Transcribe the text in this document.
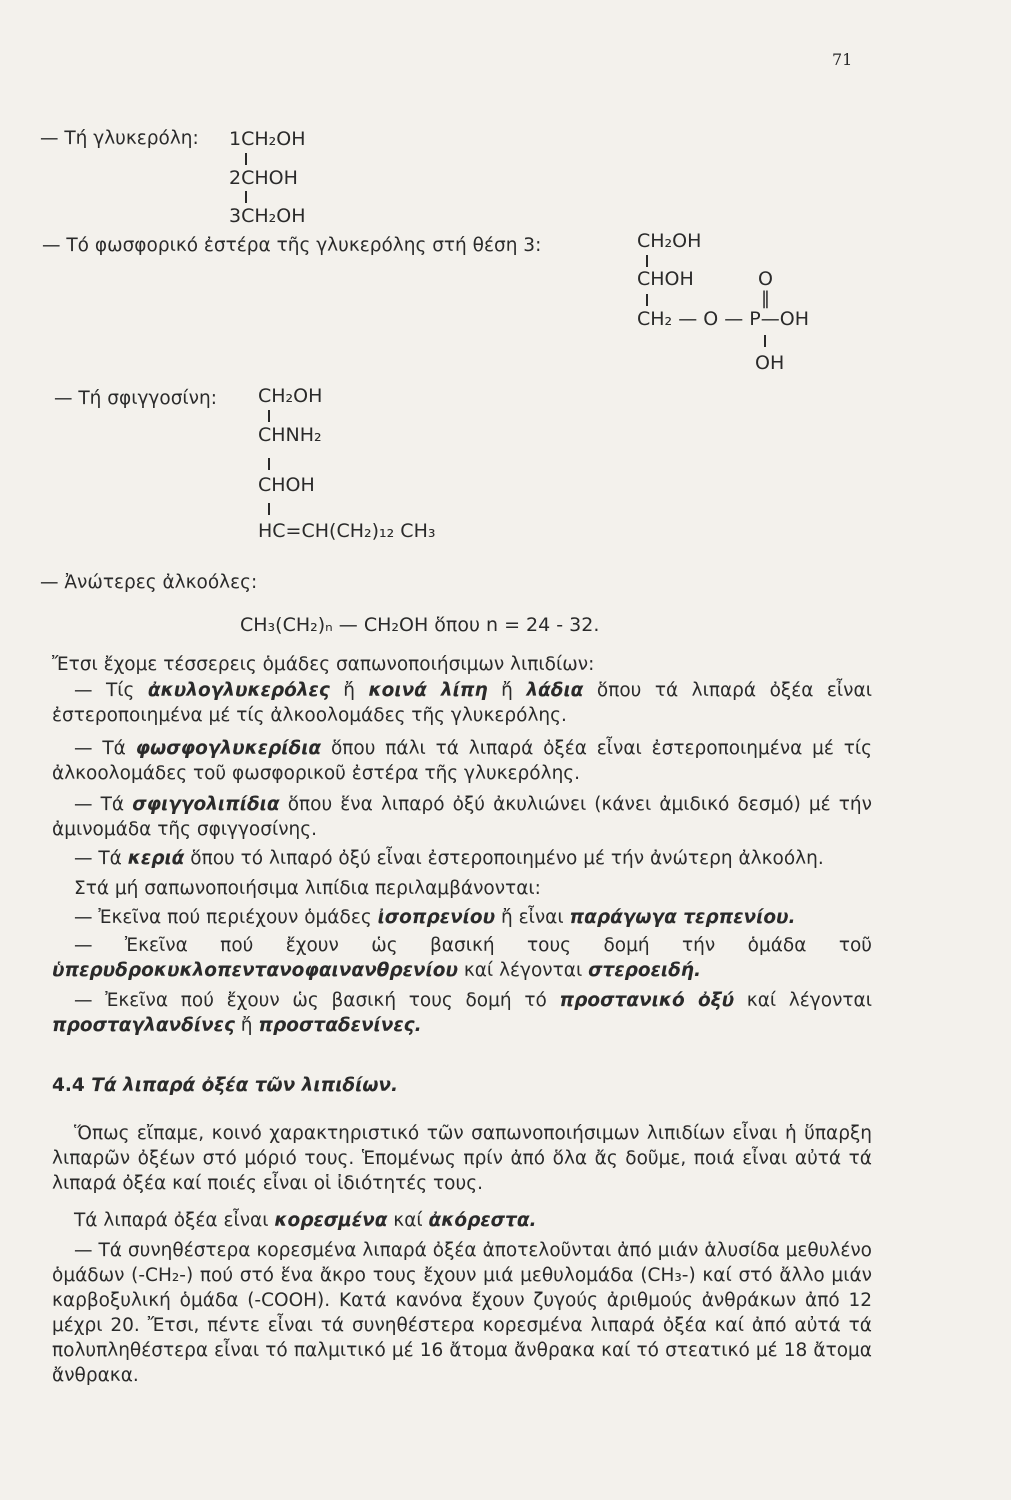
71
— Τή γλυκερόλη: 1CH₂OH
2CHOH
3CH₂OH
— Τό φωσφορικό ἐστέρα τῆς γλυκερόλης στή θέση 3:	CH₂OH
CHOH	O
‖
CH₂ — O — P—OH
OH
— Τή σφιγγοσίνη: CH₂OH
CHNH₂
CHOH
HC=CH(CH₂)₁₂ CH₃
— Ἀνώτερες ἀλκοόλες:
CH₃(CH₂)ₙ — CH₂OH ὅπου n = 24 - 32.
Ἔτσι ἔχομε τέσσερεις ὁμάδες σαπωνοποιήσιμων λιπιδίων:
— Τίς ἀκυλογλυκερόλες ἤ κοινά λίπη ἤ λάδια ὅπου τά λιπαρά ὀξέα εἶναι ἐστεροποιημένα μέ τίς ἀλκοολομάδες τῆς γλυκερόλης.
— Τά φωσφογλυκερίδια ὅπου πάλι τά λιπαρά ὀξέα εἶναι ἐστεροποιημένα μέ τίς ἀλκοολομάδες τοῦ φωσφορικοῦ ἐστέρα τῆς γλυκερόλης.
— Τά σφιγγολιπίδια ὅπου ἕνα λιπαρό ὀξύ ἀκυλιώνει (κάνει ἀμιδικό δεσμό) μέ τήν ἀμινομάδα τῆς σφιγγοσίνης.
— Τά κεριά ὅπου τό λιπαρό ὀξύ εἶναι ἐστεροποιημένο μέ τήν ἀνώτερη ἀλκοόλη.
Στά μή σαπωνοποιήσιμα λιπίδια περιλαμβάνονται:
— Ἐκεῖνα πού περιέχουν ὁμάδες ἰσοπρενίου ἤ εἶναι παράγωγα τερπενίου.
— Ἐκεῖνα πού ἔχουν ὡς βασική τους δομή τήν ὁμάδα τοῦ ὑπερυδροκυκλοπεντανοφαινανθρενίου καί λέγονται στεροειδή.
— Ἐκεῖνα πού ἔχουν ὡς βασική τους δομή τό προστανικό ὀξύ καί λέγονται προσταγλανδίνες ἤ προσταδενίνες.
4.4 Τά λιπαρά ὀξέα τῶν λιπιδίων.
Ὅπως εἴπαμε, κοινό χαρακτηριστικό τῶν σαπωνοποιήσιμων λιπιδίων εἶναι ἡ ὕπαρξη λιπαρῶν ὀξέων στό μόριό τους. Ἑπομένως πρίν ἀπό ὅλα ἄς δοῦμε, ποιά εἶναι αὐτά τά λιπαρά ὀξέα καί ποιές εἶναι οἱ ἰδιότητές τους.
Τά λιπαρά ὀξέα εἶναι κορεσμένα καί ἀκόρεστα.
— Τά συνηθέστερα κορεσμένα λιπαρά ὀξέα ἀποτελοῦνται ἀπό μιάν ἁλυσίδα μεθυλένο ὁμάδων (-CH₂-) πού στό ἕνα ἄκρο τους ἔχουν μιά μεθυλομάδα (CH₃-) καί στό ἄλλο μιάν καρβοξυλική ὁμάδα (-COOH). Κατά κανόνα ἔχουν ζυγούς ἀριθμούς ἀνθράκων ἀπό 12 μέχρι 20. Ἔτσι, πέντε εἶναι τά συνηθέστερα κορεσμένα λιπαρά ὀξέα καί ἀπό αὐτά τά πολυπληθέστερα εἶναι τό παλμιτικό μέ 16 ἄτομα ἄνθρακα καί τό στεατικό μέ 18 ἄτομα ἄνθρακα.
